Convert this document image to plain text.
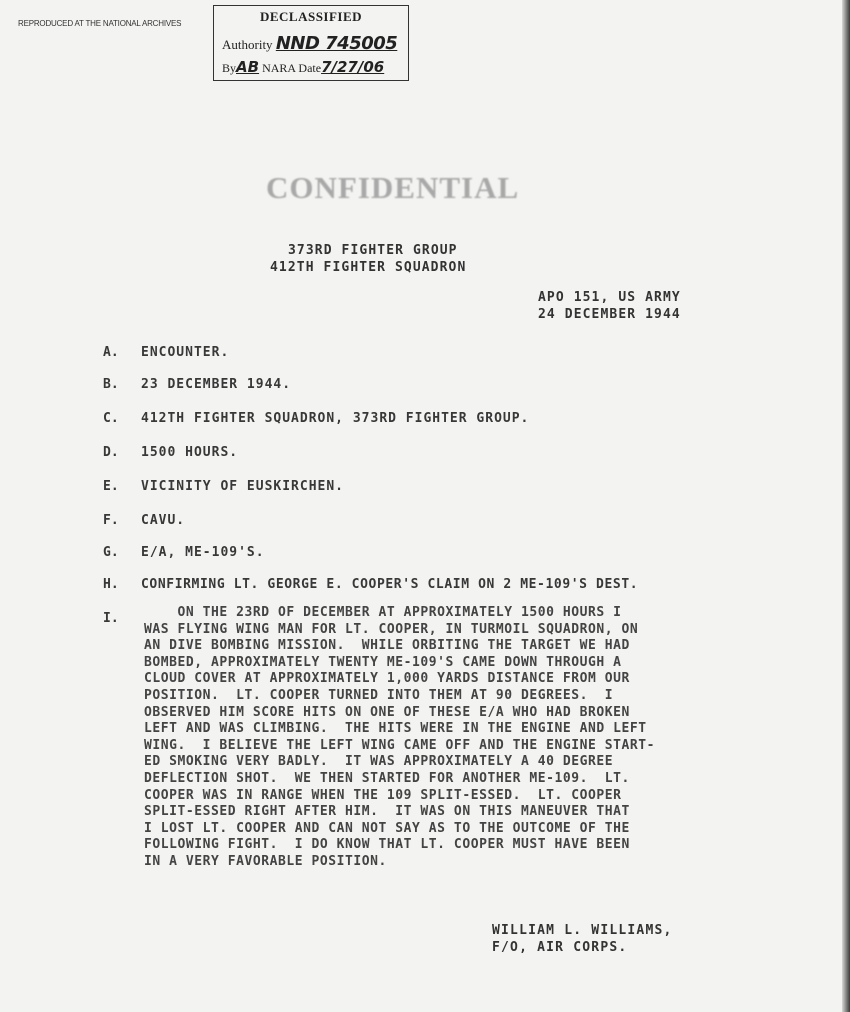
REPRODUCED AT THE NATIONAL ARCHIVES	DECLASSIFIED
Authority NND 745005
ByAB NARA Date7/27/06
CONFIDENTIAL
373RD FIGHTER GROUP
412TH FIGHTER SQUADRON
APO 151, US ARMY
24 DECEMBER 1944
A. ENCOUNTER.
B. 23 DECEMBER 1944.
C. 412TH FIGHTER SQUADRON, 373RD FIGHTER GROUP.
D. 1500 HOURS.
E. VICINITY OF EUSKIRCHEN.
F. CAVU.
G. E/A, ME-109'S.
H. CONFIRMING LT. GEORGE E. COOPER'S CLAIM ON 2 ME-109'S DEST.
I. ON THE 23RD OF DECEMBER AT APPROXIMATELY 1500 HOURS I
WAS FLYING WING MAN FOR LT. COOPER, IN TURMOIL SQUADRON, ON
AN DIVE BOMBING MISSION.  WHILE ORBITING THE TARGET WE HAD
BOMBED, APPROXIMATELY TWENTY ME-109'S CAME DOWN THROUGH A
CLOUD COVER AT APPROXIMATELY 1,000 YARDS DISTANCE FROM OUR
POSITION.  LT. COOPER TURNED INTO THEM AT 90 DEGREES.  I
OBSERVED HIM SCORE HITS ON ONE OF THESE E/A WHO HAD BROKEN
LEFT AND WAS CLIMBING.  THE HITS WERE IN THE ENGINE AND LEFT
WING.  I BELIEVE THE LEFT WING CAME OFF AND THE ENGINE START-
ED SMOKING VERY BADLY.  IT WAS APPROXIMATELY A 40 DEGREE
DEFLECTION SHOT.  WE THEN STARTED FOR ANOTHER ME-109.  LT.
COOPER WAS IN RANGE WHEN THE 109 SPLIT-ESSED.  LT. COOPER
SPLIT-ESSED RIGHT AFTER HIM.  IT WAS ON THIS MANEUVER THAT
I LOST LT. COOPER AND CAN NOT SAY AS TO THE OUTCOME OF THE
FOLLOWING FIGHT.  I DO KNOW THAT LT. COOPER MUST HAVE BEEN
IN A VERY FAVORABLE POSITION.
WILLIAM L. WILLIAMS,
F/O, AIR CORPS.
